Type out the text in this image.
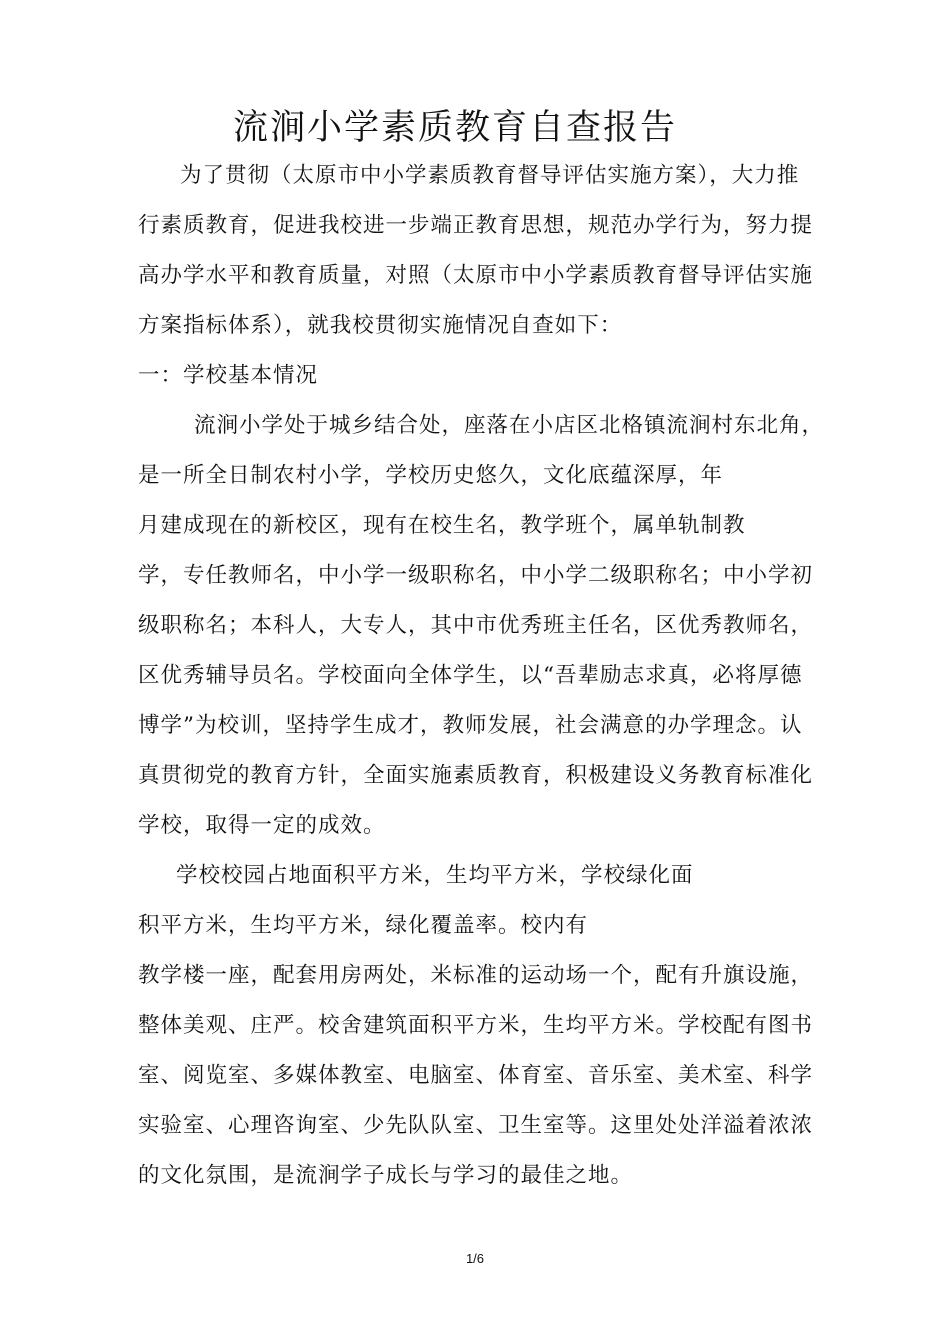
流涧小学素质教育自查报告
为了贯彻（太原市中小学素质教育督导评估实施方案），大力推
行素质教育，促进我校进一步端正教育思想，规范办学行为，努力提
高办学水平和教育质量，对照（太原市中小学素质教育督导评估实施
方案指标体系），就我校贯彻实施情况自查如下：
一：学校基本情况
流涧小学处于城乡结合处，座落在小店区北格镇流涧村东北角，
是一所全日制农村小学，学校历史悠久，文化底蕴深厚，年
月建成现在的新校区，现有在校生名，教学班个，属单轨制教
学，专任教师名，中小学一级职称名，中小学二级职称名；中小学初
级职称名；本科人，大专人，其中市优秀班主任名，区优秀教师名，
区优秀辅导员名。学校面向全体学生，以“吾辈励志求真，必将厚德
博学”为校训，坚持学生成才，教师发展，社会满意的办学理念。认
真贯彻党的教育方针，全面实施素质教育，积极建设义务教育标准化
学校，取得一定的成效。
学校校园占地面积平方米，生均平方米，学校绿化面
积平方米，生均平方米，绿化覆盖率。校内有
教学楼一座，配套用房两处，米标准的运动场一个，配有升旗设施，
整体美观、庄严。校舍建筑面积平方米，生均平方米。学校配有图书
室、阅览室、多媒体教室、电脑室、体育室、音乐室、美术室、科学
实验室、心理咨询室、少先队队室、卫生室等。这里处处洋溢着浓浓
的文化氛围，是流涧学子成长与学习的最佳之地。
1/6
